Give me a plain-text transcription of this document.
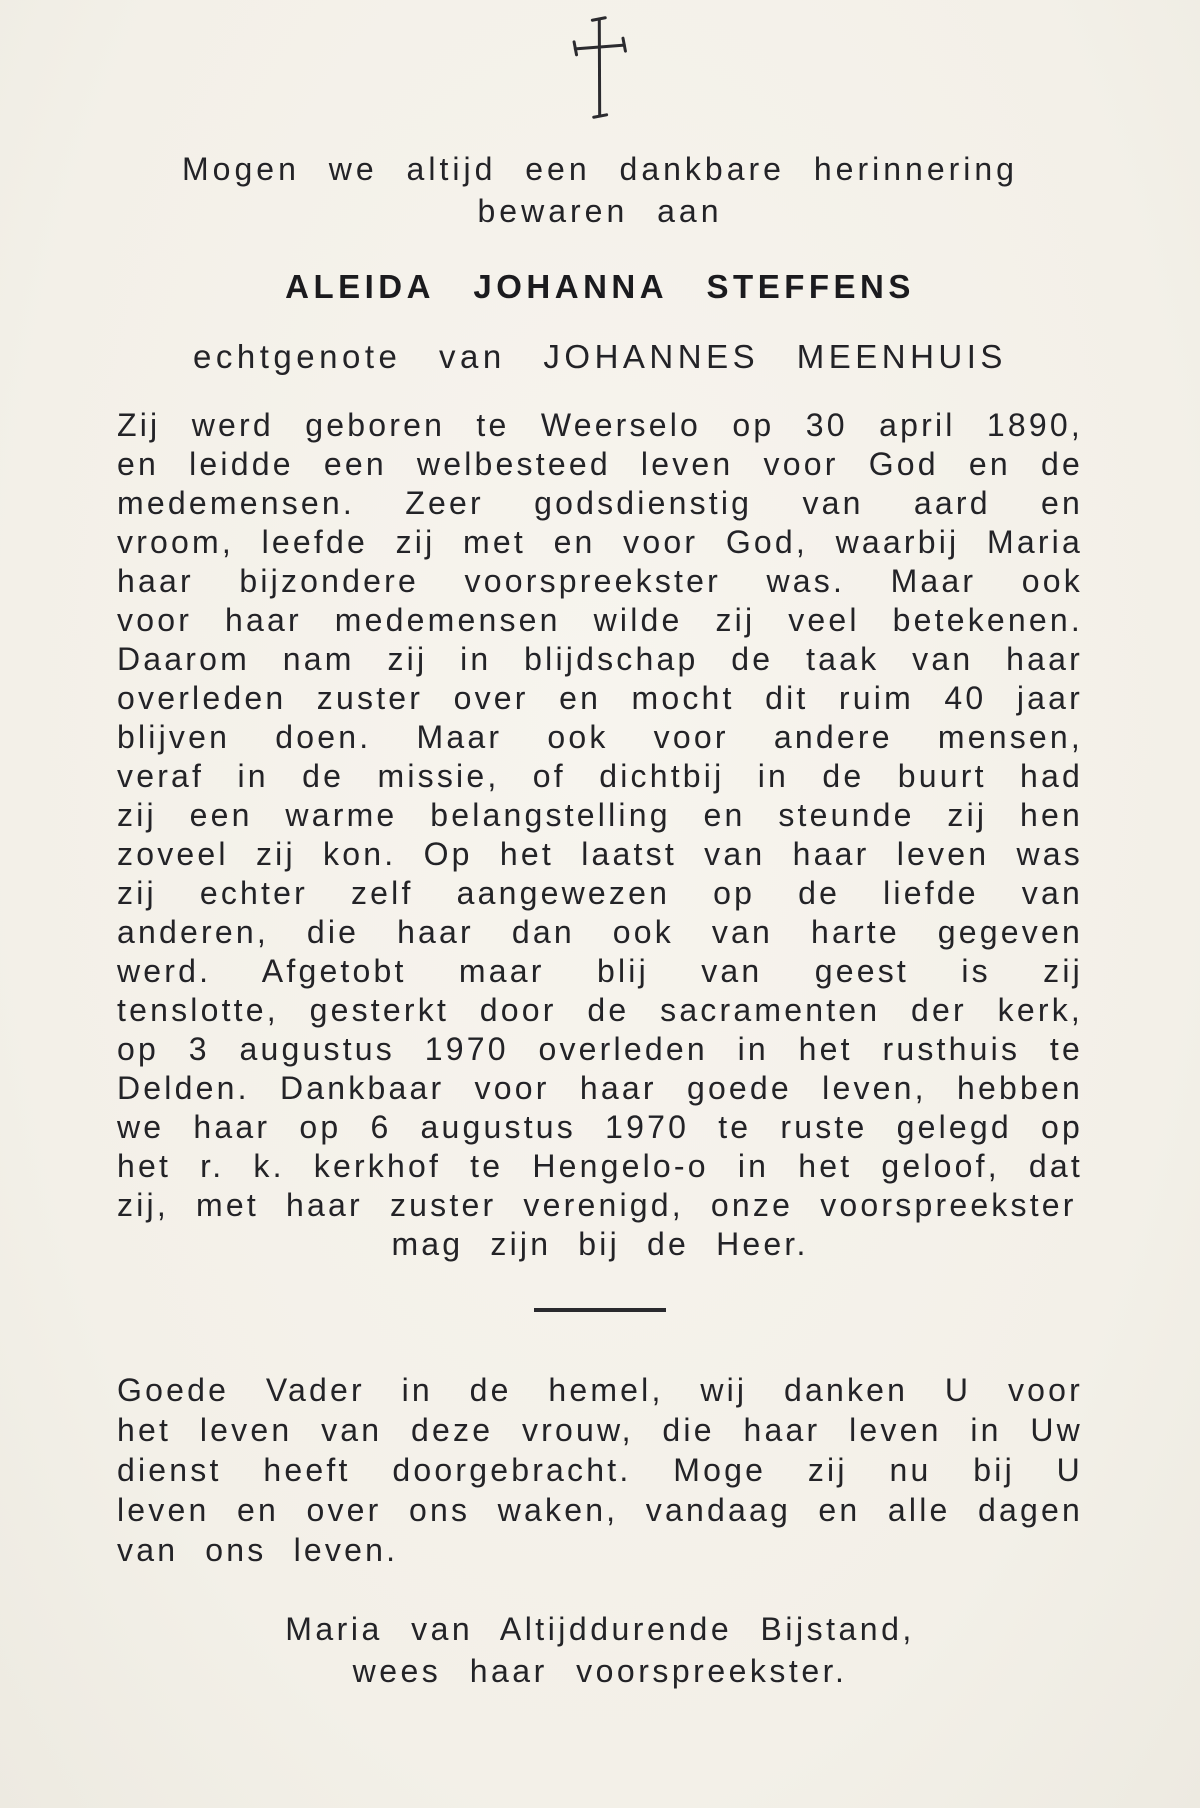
Mogen we altijd een dankbare herinnering
bewaren aan
ALEIDA JOHANNA STEFFENS
echtgenote van JOHANNES MEENHUIS
Zij werd geboren te Weerselo op 30 april 1890, en leidde een welbesteed leven voor God en de medemensen. Zeer godsdienstig van aard en vroom, leefde zij met en voor God, waarbij Maria haar bijzondere voorspreekster was. Maar ook voor haar medemensen wilde zij veel betekenen. Daarom nam zij in blijdschap de taak van haar overleden zuster over en mocht dit ruim 40 jaar blijven doen. Maar ook voor andere mensen, veraf in de missie, of dichtbij in de buurt had zij een warme belangstelling en steunde zij hen zoveel zij kon. Op het laatst van haar leven was zij echter zelf aangewezen op de liefde van anderen, die haar dan ook van harte gegeven werd. Afgetobt maar blij van geest is zij tenslotte, gesterkt door de sacramenten der kerk, op 3 augustus 1970 overleden in het rusthuis te Delden. Dankbaar voor haar goede leven, hebben we haar op 6 augustus 1970 te ruste gelegd op het r. k. kerkhof te Hengelo-o in het geloof, dat zij, met haar zuster verenigd, onze voorspreekster
mag zijn bij de Heer.
Goede Vader in de hemel, wij danken U voor het leven van deze vrouw, die haar leven in Uw dienst heeft doorgebracht. Moge zij nu bij U leven en over ons waken, vandaag en alle dagen van ons leven.
Maria van Altijddurende Bijstand,
wees haar voorspreekster.
